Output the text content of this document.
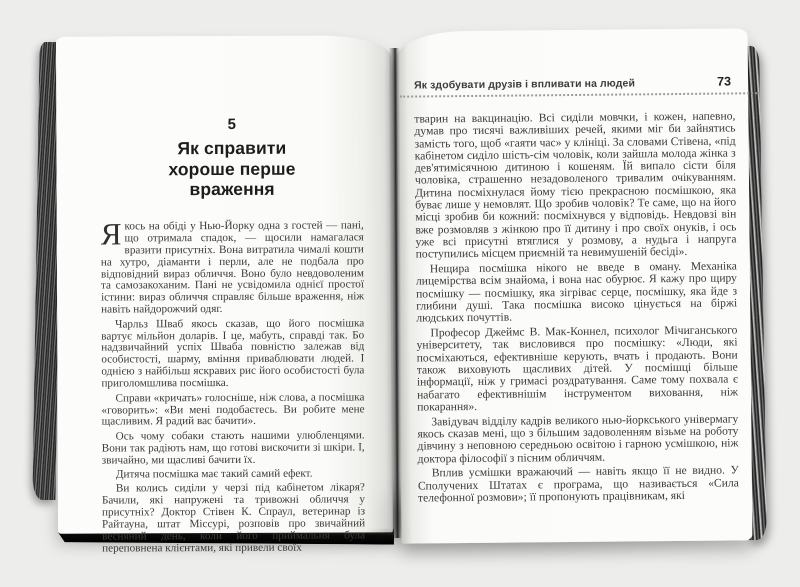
5
Як справити хороше перше враження

Якось на обіді у Нью-Йорку одна з гостей — пані, що отримала спадок, — щосили намагалася вразити присутніх. Вона витратила чималі кошти на хутро, діаманти і перли, але не подбала про відповідний вираз обличчя. Воно було невдоволеним та самозакоханим. Пані не усвідомила однієї простої істини: вираз обличчя справляє більше враження, ніж навіть найдорожчий одяг.

Чарльз Шваб якось сказав, що його посмішка вартує мільйон доларів. І це, мабуть, справді так. Бо надзвичайний успіх Шваба повністю залежав від особистості, шарму, вміння приваблювати людей. І однією з найбільш яскравих рис його особистості була приголомшлива посмішка.

Справи «кричать» голосніше, ніж слова, а посмішка «говорить»: «Ви мені подобаєтесь. Ви робите мене щасливим. Я радий вас бачити».

Ось чому собаки стають нашими улюбленцями. Вони так радіють нам, що готові вискочити зі шкіри. І, звичайно, ми щасливі бачити їх.

Дитяча посмішка має такий самий ефект.

Ви колись сиділи у черзі під кабінетом лікаря? Бачили, які напружені та тривожні обличчя у присутніх? Доктор Стівен К. Спраул, ветеринар із Райтауна, штат Міссурі, розповів про звичайний весняний день, коли його приймальня була переповнена клієнтами, які привели своїх

Як здобувати друзів і впливати на людей	73

тварин на вакцинацію. Всі сиділи мовчки, і кожен, напевно, думав про тисячі важливіших речей, якими міг би зайнятись замість того, щоб «гаяти час» у клініці. За словами Стівена, «під кабінетом сиділо шість-сім чоловік, коли зайшла молода жінка з дев'ятимісячною дитиною і кошеням. Їй випало сісти біля чоловіка, страшенно незадоволеного тривалим очікуванням. Дитина посміхнулася йому тією прекрасною посмішкою, яка буває лише у немовлят. Що зробив чоловік? Те саме, що на його місці зробив би кожний: посміхнувся у відповідь. Невдовзі він вже розмовляв з жінкою про її дитину і про своїх онуків, і ось уже всі присутні втяглися у розмову, а нудьга і напруга поступились місцем приємній та невимушеній бесіді».

Нещира посмішка нікого не введе в оману. Механіка лицемірства всім знайома, і вона нас обурює. Я кажу про щиру посмішку — посмішку, яка зігріває серце, посмішку, яка йде з глибини душі. Така посмішка високо цінується на біржі людських почуттів.

Професор Джеймс В. Мак-Коннел, психолог Мічиганського університету, так висловився про посмішку: «Люди, які посміхаються, ефективніше керують, вчать і продають. Вони також виховують щасливих дітей. У посмішці більше інформації, ніж у гримасі роздратування. Саме тому похвала є набагато ефективнішім інструментом виховання, ніж покарання».

Завідувач відділу кадрів великого нью-йоркського універмагу якось сказав мені, що з більшим задоволенням візьме на роботу дівчину з неповною середньою освітою і гарною усмішкою, ніж доктора філософії з пісним обличчям.

Вплив усмішки вражаючий — навіть якщо її не видно. У Сполучених Штатах є програма, що називається «Сила телефонної розмови»; її пропонують працівникам, які
